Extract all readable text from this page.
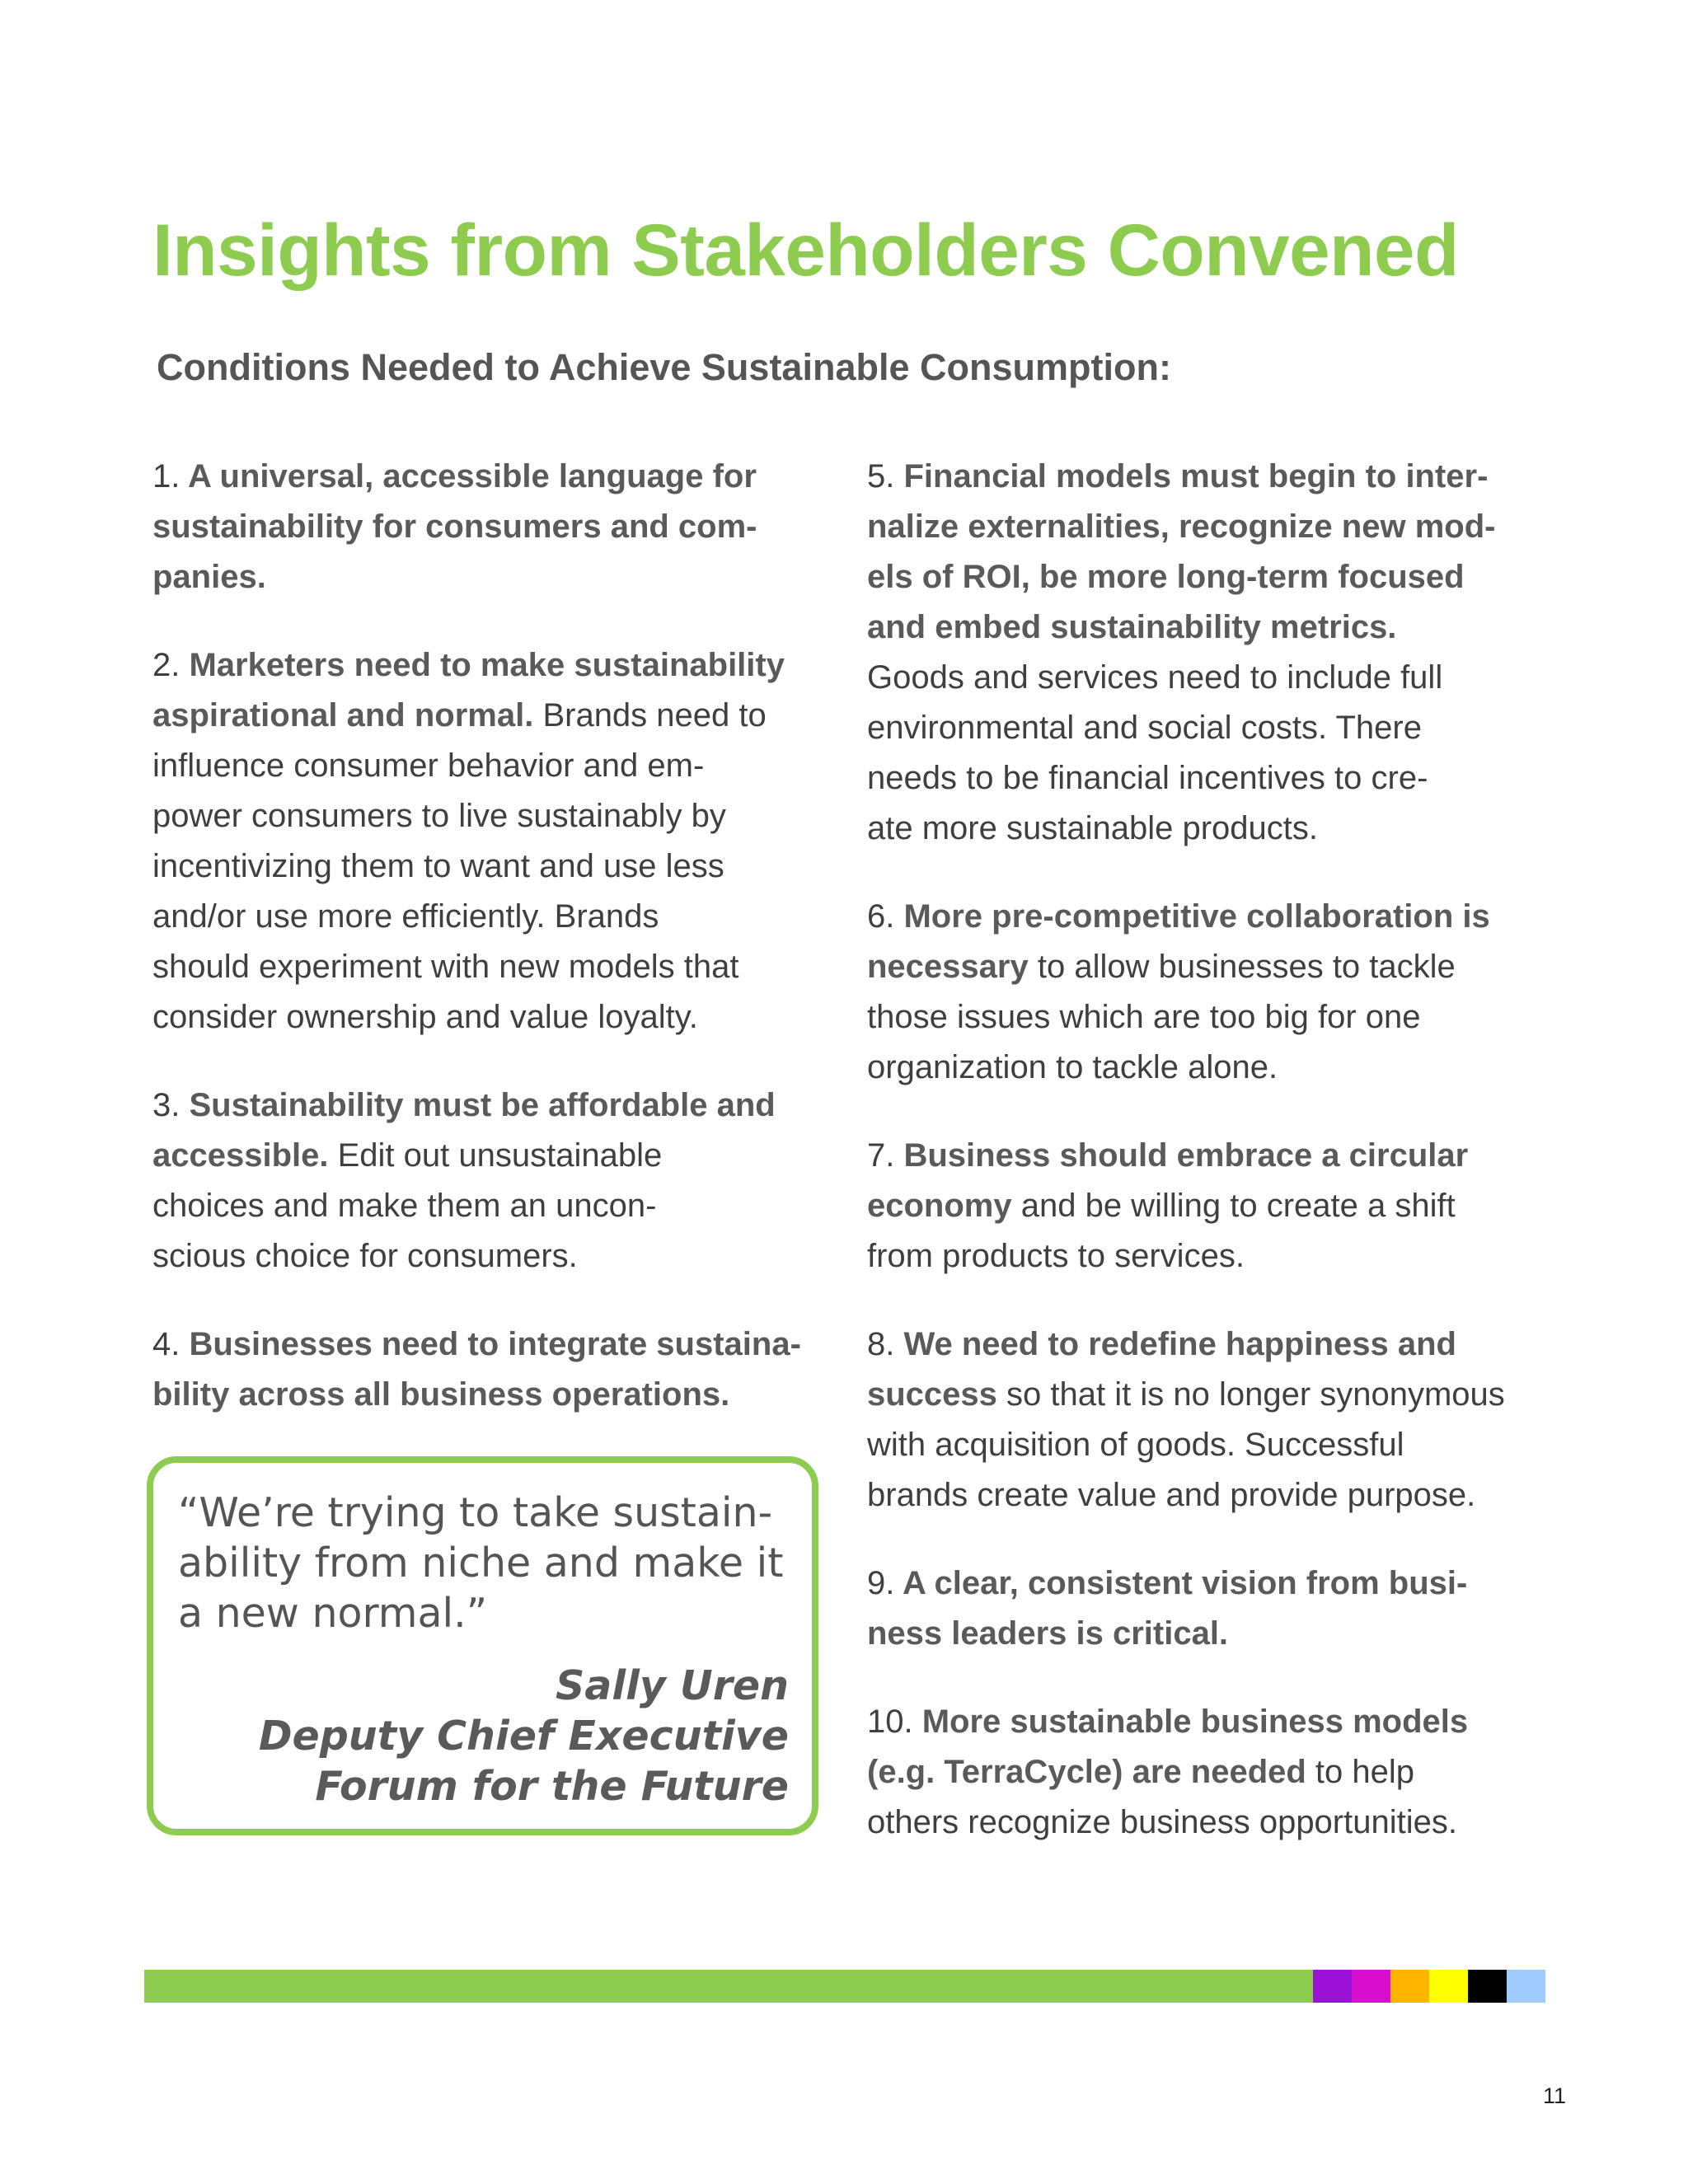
Insights from Stakeholders Convened
Conditions Needed to Achieve Sustainable Consumption:
1. A universal, accessible language for
sustainability for consumers and com-
panies.
2. Marketers need to make sustainability
aspirational and normal. Brands need to
influence consumer behavior and em-
power consumers to live sustainably by
incentivizing them to want and use less
and/or use more efficiently. Brands
should experiment with new models that
consider ownership and value loyalty.
3. Sustainability must be affordable and
accessible. Edit out unsustainable
choices and make them an uncon-
scious choice for consumers.
4. Businesses need to integrate sustaina-
bility across all business operations.

“We’re trying to take sustain-
ability from niche and make it
a new normal.”

Sally Uren
Deputy Chief Executive
Forum for the Future

5. Financial models must begin to inter-
nalize externalities, recognize new mod-
els of ROI, be more long-term focused
and embed sustainability metrics.
Goods and services need to include full
environmental and social costs. There
needs to be financial incentives to cre-
ate more sustainable products.
6. More pre-competitive collaboration is
necessary to allow businesses to tackle
those issues which are too big for one
organization to tackle alone.
7. Business should embrace a circular
economy and be willing to create a shift
from products to services.
8. We need to redefine happiness and
success so that it is no longer synonymous
with acquisition of goods. Successful
brands create value and provide purpose.
9. A clear, consistent vision from busi-
ness leaders is critical.
10. More sustainable business models
(e.g. TerraCycle) are needed to help
others recognize business opportunities.
11
